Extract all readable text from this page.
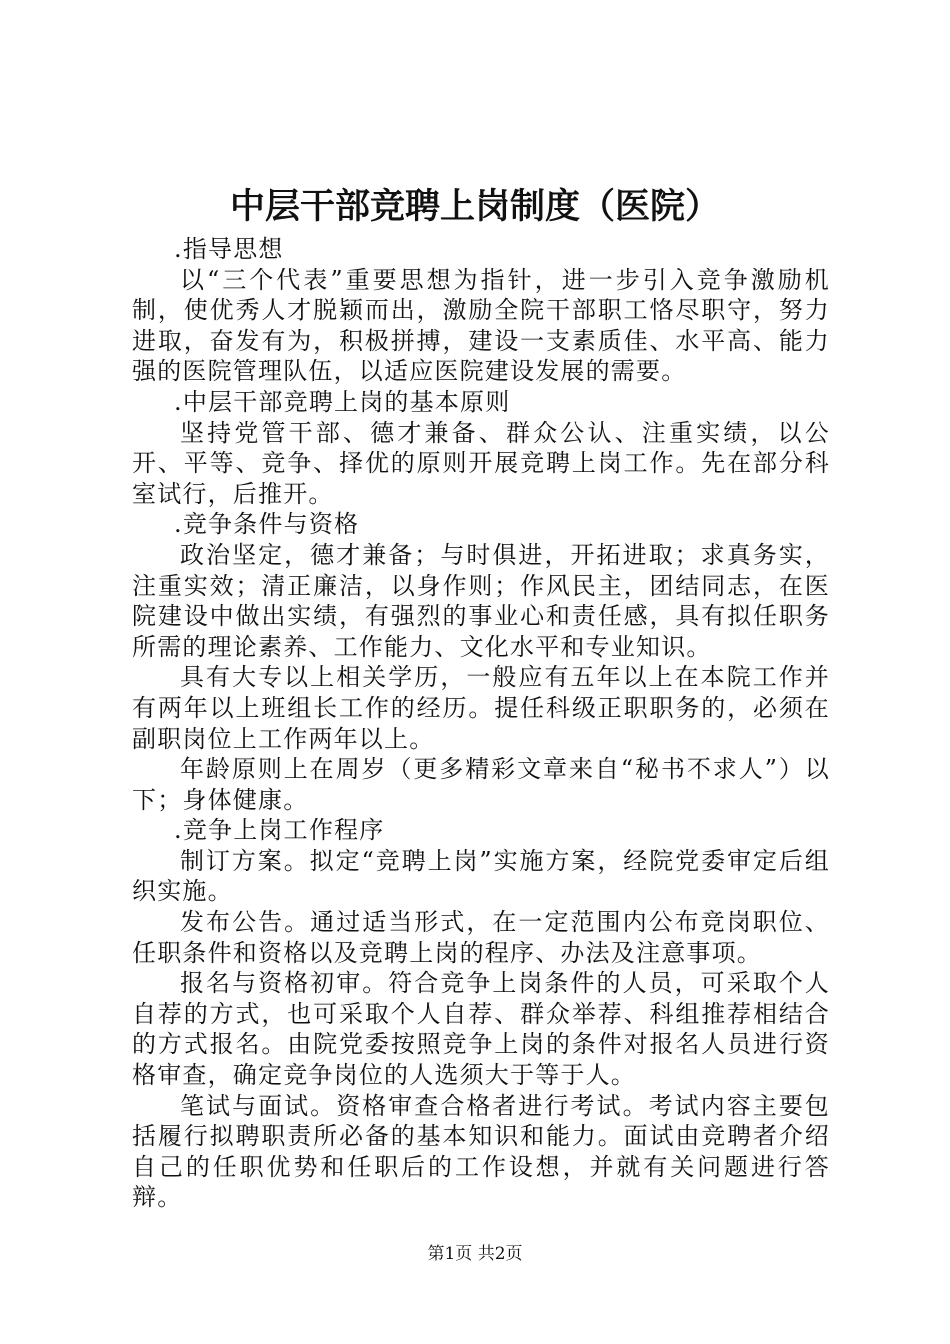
中层干部竞聘上岗制度（医院）

.指导思想

以“三个代表”重要思想为指针，进一步引入竞争激励机制，使优秀人才脱颖而出，激励全院干部职工恪尽职守，努力进取，奋发有为，积极拼搏，建设一支素质佳、水平高、能力强的医院管理队伍，以适应医院建设发展的需要。

.中层干部竞聘上岗的基本原则

坚持党管干部、德才兼备、群众公认、注重实绩，以公开、平等、竞争、择优的原则开展竞聘上岗工作。先在部分科室试行，后推开。

.竞争条件与资格

政治坚定，德才兼备；与时俱进，开拓进取；求真务实，注重实效；清正廉洁，以身作则；作风民主，团结同志，在医院建设中做出实绩，有强烈的事业心和责任感，具有拟任职务所需的理论素养、工作能力、文化水平和专业知识。

具有大专以上相关学历，一般应有五年以上在本院工作并有两年以上班组长工作的经历。提任科级正职职务的，必须在副职岗位上工作两年以上。

年龄原则上在周岁（更多精彩文章来自“秘书不求人”）以下；身体健康。

.竞争上岗工作程序

制订方案。拟定“竞聘上岗”实施方案，经院党委审定后组织实施。

发布公告。通过适当形式，在一定范围内公布竞岗职位、任职条件和资格以及竞聘上岗的程序、办法及注意事项。

报名与资格初审。符合竞争上岗条件的人员，可采取个人自荐的方式，也可采取个人自荐、群众举荐、科组推荐相结合的方式报名。由院党委按照竞争上岗的条件对报名人员进行资格审查，确定竞争岗位的人选须大于等于人。

笔试与面试。资格审查合格者进行考试。考试内容主要包括履行拟聘职责所必备的基本知识和能力。面试由竞聘者介绍自己的任职优势和任职后的工作设想，并就有关问题进行答辩。

第1页 共2页
